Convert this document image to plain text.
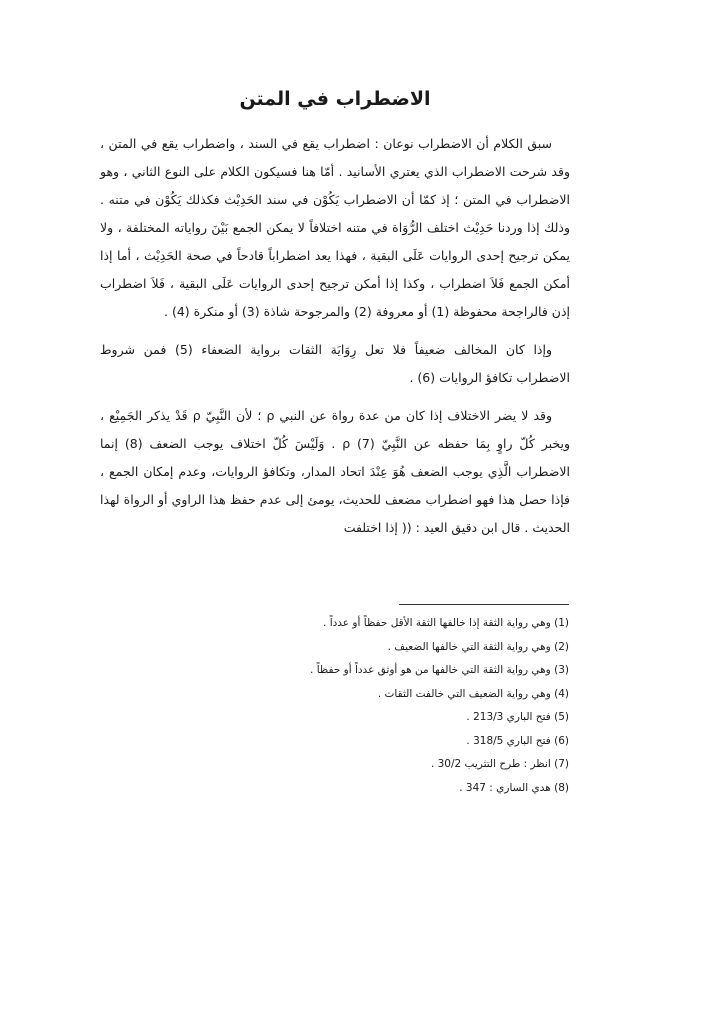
الاضطراب في المتن

سبق الكلام أن الاضطراب نوعان : اضطراب يقع في السند ، واضطراب يقع في المتن ، وقد شرحت الاضطراب الذي يعتري الأسانيد . أمّا هنا فسيكون الكلام على النوع الثاني ، وهو الاضطراب في المتن ؛ إذ كمّا أن الاضطراب يَكُوْن في سند الحَدِيْث فكذلك يَكُوْن في متنه . وذلك إذا وردنا حَدِيْث اختلف الرُّوَاة في متنه اختلافاً لا يمكن الجمع بَيْنَ رواياته المختلفة ، ولا يمكن ترجيح إحدى الروايات عَلَى البقية ، فهذا يعد اضطراباً قادحاً في صحة الحَدِيْث ، أما إذا أمكن الجمع فَلاَ اضطراب ، وكذا إذا أمكن ترجيح إحدى الروايات عَلَى البقية ، فَلاَ اضطراب إذن فالراجحة محفوظة (1) أو معروفة (2) والمرجوحة شاذة (3) أو منكرة (4) .

وإذا كان المخالف ضعيفاً فلا تعل رِوَايَة الثقات برواية الضعفاء (5) فمن شروط الاضطراب تكافؤ الروايات (6) .

وقد لا يضر الاختلاف إذا كان من عدة رواة عن النبي ρ ؛ لأن النَّبِيّ ρ قَدْ يذكر الجَمِيْع ، ويخبر كُلّ راوٍ بِمَا حفظه عن النَّبِيّ ρ (7) . وَلَيْسَ كُلّ اختلاف يوجب الضعف (8) إنما الاضطراب الَّذِي يوجب الضعف هُوَ عِنْدَ اتحاد المدار، وتكافؤ الروايات، وعدم إمكان الجمع ، فإذا حصل هذا فهو اضطراب مضعف للحديث، يومئ إلى عدم حفظ هذا الراوي أو الرواة لهذا الحديث . قال ابن دقيق العيد : (( إذا اختلفت

(1) وهي رواية الثقة إذا خالفها الثقة الأقل حفظاً أو عدداً .
(2) وهي رواية الثقة التي خالفها الضعيف .
(3) وهي رواية الثقة التي خالفها من هو أوثق عدداً أو حفظاً .
(4) وهي رواية الضعيف التي خالفت الثقات .
(5) فتح الباري 213/3 .
(6) فتح الباري 318/5 .
(7) انظر : طرح التثريب 30/2 .
(8) هدي الساري : 347 .
